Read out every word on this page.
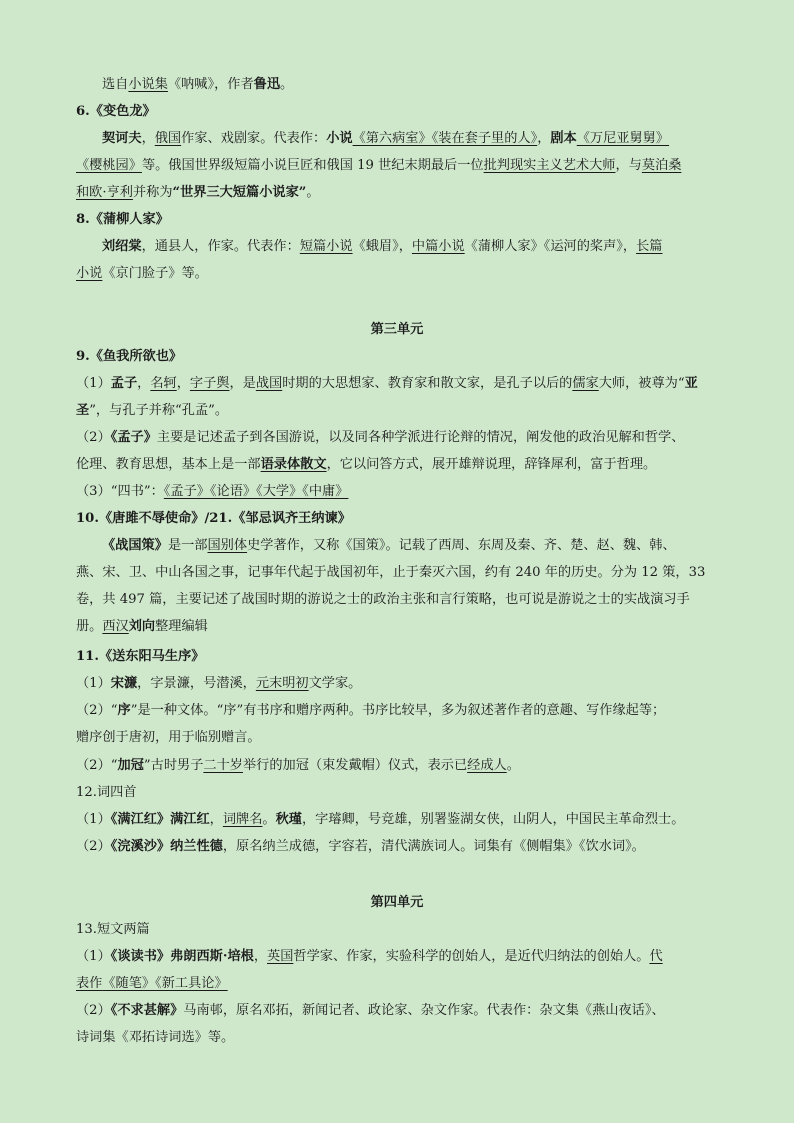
选自小说集《呐喊》，作者鲁迅。
6.《变色龙》
契诃夫，俄国作家、戏剧家。代表作：小说《第六病室》《装在套子里的人》，剧本《万尼亚舅舅》
《樱桃园》等。俄国世界级短篇小说巨匠和俄国 19 世纪末期最后一位批判现实主义艺术大师，与莫泊桑
和欧·亨利并称为“世界三大短篇小说家”。
8.《蒲柳人家》
刘绍棠，通县人，作家。代表作：短篇小说《蛾眉》，中篇小说《蒲柳人家》《运河的桨声》，长篇
小说《京门脸子》等。
第三单元
9.《鱼我所欲也》
（1）孟子，名轲，字子舆，是战国时期的大思想家、教育家和散文家，是孔子以后的儒家大师，被尊为“亚
圣”，与孔子并称“孔孟”。
（2）《孟子》主要是记述孟子到各国游说，以及同各种学派进行论辩的情况，阐发他的政治见解和哲学、
伦理、教育思想，基本上是一部语录体散文，它以问答方式，展开雄辩说理，辞锋犀利，富于哲理。
（3）“四书”：《孟子》《论语》《大学》《中庸》
10.《唐雎不辱使命》/21.《邹忌讽齐王纳谏》
《战国策》是一部国别体史学著作，又称《国策》。记载了西周、东周及秦、齐、楚、赵、魏、韩、
燕、宋、卫、中山各国之事，记事年代起于战国初年，止于秦灭六国，约有 240 年的历史。分为 12 策，33
卷，共 497 篇，主要记述了战国时期的游说之士的政治主张和言行策略，也可说是游说之士的实战演习手
册。西汉刘向整理编辑
11.《送东阳马生序》
（1）宋濂，字景濂，号潜溪，元末明初文学家。
（2）“序”是一种文体。“序”有书序和赠序两种。书序比较早，多为叙述著作者的意趣、写作缘起等；
赠序创于唐初，用于临别赠言。
（2）“加冠”古时男子二十岁举行的加冠（束发戴帽）仪式，表示已经成人。
12.词四首
（1）《满江红》满江红，词牌名。秋瑾，字璿卿，号竞雄，别署鉴湖女侠，山阴人，中国民主革命烈士。
（2）《浣溪沙》纳兰性德，原名纳兰成德，字容若，清代满族词人。词集有《侧帽集》《饮水词》。
第四单元
13.短文两篇
（1）《谈读书》弗朗西斯·培根，英国哲学家、作家，实验科学的创始人，是近代归纳法的创始人。代
表作《随笔》《新工具论》
（2）《不求甚解》马南邨，原名邓拓，新闻记者、政论家、杂文作家。代表作：杂文集《燕山夜话》、
诗词集《邓拓诗词选》等。
